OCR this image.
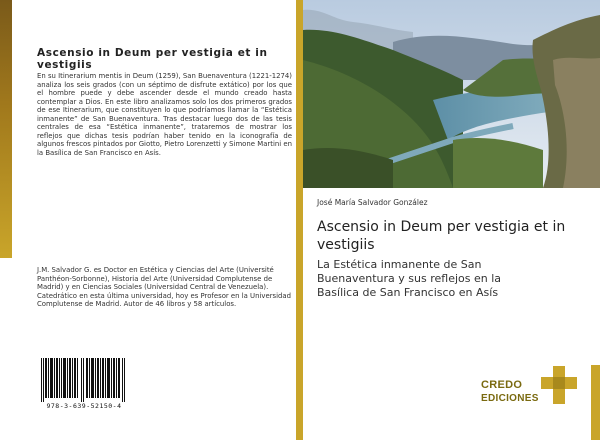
Ascensio in Deum per vestigia et in vestigiis

En su Itinerarium mentis in Deum (1259), San Buenaventura (1221-1274) analiza los seis grados (con un séptimo de disfrute extático) por los que el hombre puede y debe ascender desde el mundo creado hasta contemplar a Dios. En este libro analizamos solo los dos primeros grados de ese Itinerarium, que constituyen lo que podríamos llamar la “Estética inmanente” de San Buenaventura. Tras destacar luego dos de las tesis centrales de esa “Estética inmanente”, trataremos de mostrar los reflejos que dichas tesis podrían haber tenido en la iconografía de algunos frescos pintados por Giotto, Pietro Lorenzetti y Simone Martini en la Basílica de San Francisco en Asís.

J.M. Salvador G. es Doctor en Estética y Ciencias del Arte (Université Panthéon-Sorbonne), Historia del Arte (Universidad Complutense de Madrid) y en Ciencias Sociales (Universidad Central de Venezuela). Catedrático en esta última universidad, hoy es Profesor en la Universidad Complutense de Madrid. Autor de 46 libros y 58 artículos.

978-3-639-52150-4
José María Salvador González
Ascensio in Deum per vestigia et in vestigiis

La Estética inmanente de San Buenaventura y sus reflejos en la Basílica de San Francisco en Asís

CREDO
EDICIONES
